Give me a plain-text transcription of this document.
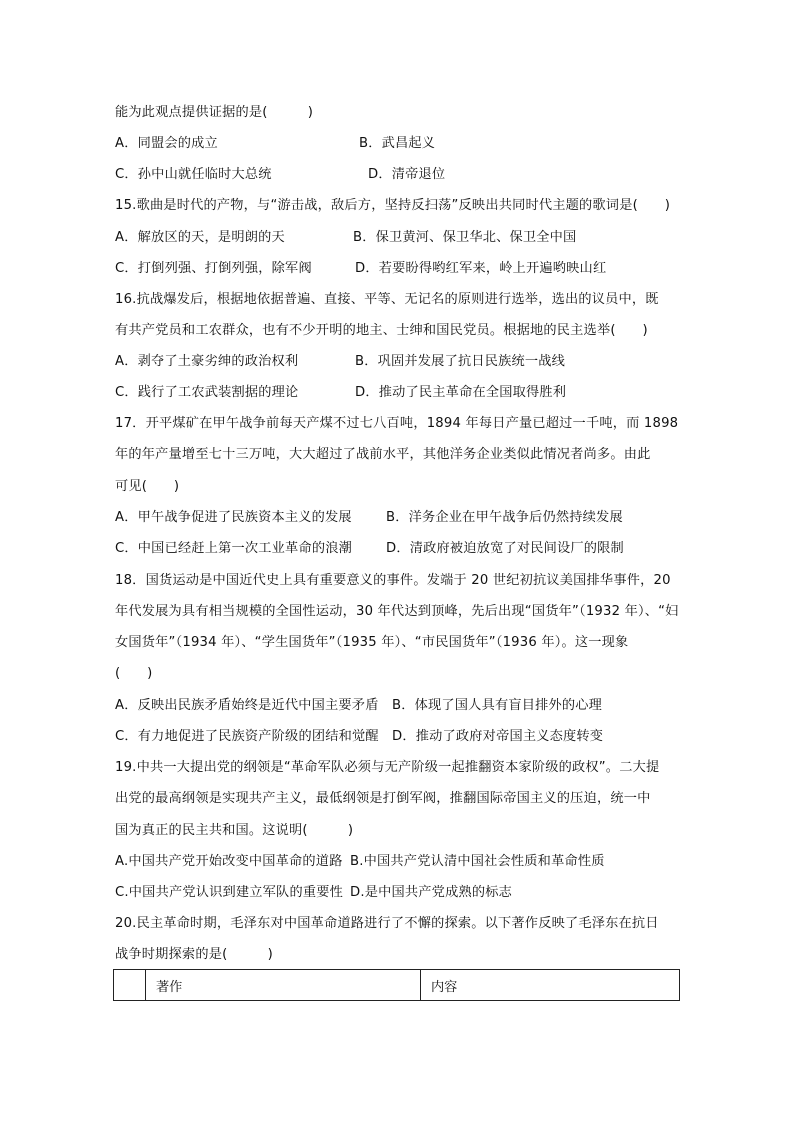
能为此观点提供证据的是(　　　)
A．同盟会的成立	B．武昌起义
C．孙中山就任临时大总统	D．清帝退位
15.歌曲是时代的产物，与“游击战，敌后方，坚持反扫荡”反映出共同时代主题的歌词是(　　)
A．解放区的天，是明朗的天	B．保卫黄河、保卫华北、保卫全中国
C．打倒列强、打倒列强，除军阀	D．若要盼得哟红军来，岭上开遍哟映山红
16.抗战爆发后，根据地依据普遍、直接、平等、无记名的原则进行选举，选出的议员中，既
有共产党员和工农群众，也有不少开明的地主、士绅和国民党员。根据地的民主选举(　　)
A．剥夺了土豪劣绅的政治权利	B．巩固并发展了抗日民族统一战线
C．践行了工农武装割据的理论	D．推动了民主革命在全国取得胜利
17．开平煤矿在甲午战争前每天产煤不过七八百吨，1894 年每日产量已超过一千吨，而 1898
年的年产量增至七十三万吨，大大超过了战前水平，其他洋务企业类似此情况者尚多。由此
可见(　　)
A．甲午战争促进了民族资本主义的发展	B．洋务企业在甲午战争后仍然持续发展
C．中国已经赶上第一次工业革命的浪潮	D．清政府被迫放宽了对民间设厂的限制
18．国货运动是中国近代史上具有重要意义的事件。发端于 20 世纪初抗议美国排华事件，20
年代发展为具有相当规模的全国性运动，30 年代达到顶峰，先后出现“国货年”（1932 年）、“妇
女国货年”（1934 年）、“学生国货年”（1935 年）、“市民国货年”（1936 年）。这一现象
(　　)
A．反映出民族矛盾始终是近代中国主要矛盾 B．体现了国人具有盲目排外的心理
C．有力地促进了民族资产阶级的团结和觉醒 D．推动了政府对帝国主义态度转变
19.中共一大提出党的纲领是“革命军队必须与无产阶级一起推翻资本家阶级的政权”。二大提
出党的最高纲领是实现共产主义，最低纲领是打倒军阀，推翻国际帝国主义的压迫，统一中
国为真正的民主共和国。这说明(　　　)
A.中国共产党开始改变中国革命的道路 B.中国共产党认清中国社会性质和革命性质
C.中国共产党认识到建立军队的重要性 D.是中国共产党成熟的标志
20.民主革命时期，毛泽东对中国革命道路进行了不懈的探索。以下著作反映了毛泽东在抗日
战争时期探索的是(　　　)
	著作	内容
